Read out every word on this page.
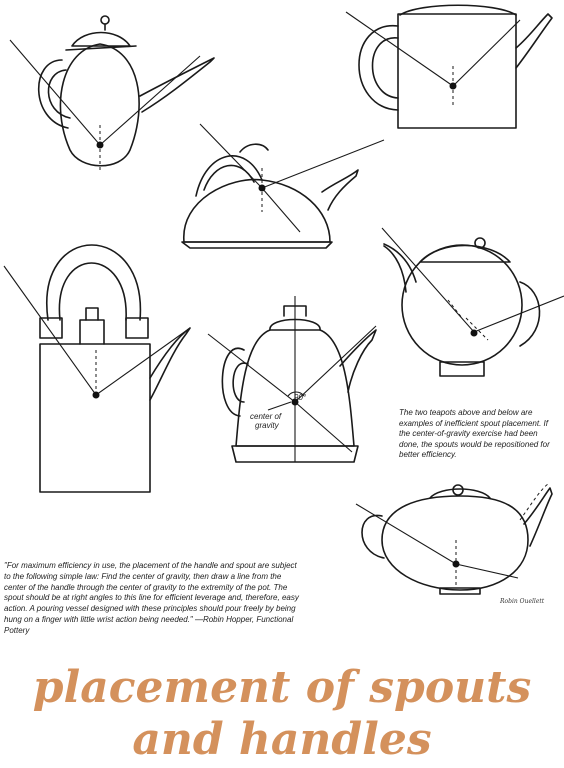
90°
center of
gravity

The two teapots above and below are examples of inefficient spout placement. If the center-of-gravity exercise had been done, the spouts would be repositioned for better efficiency.

"For maximum efficiency in use, the placement of the handle and spout are subject to the following simple law: Find the center of gravity, then draw a line from the center of the handle through the center of gravity to the extremity of the pot. The spout should be at right angles to this line for efficient leverage and, therefore, easy action. A pouring vessel designed with these principles should pour freely by being hung on a finger with little wrist action being needed." —Robin Hopper, Functional Pottery

Robin Ouellett
placement of spouts
and handles
